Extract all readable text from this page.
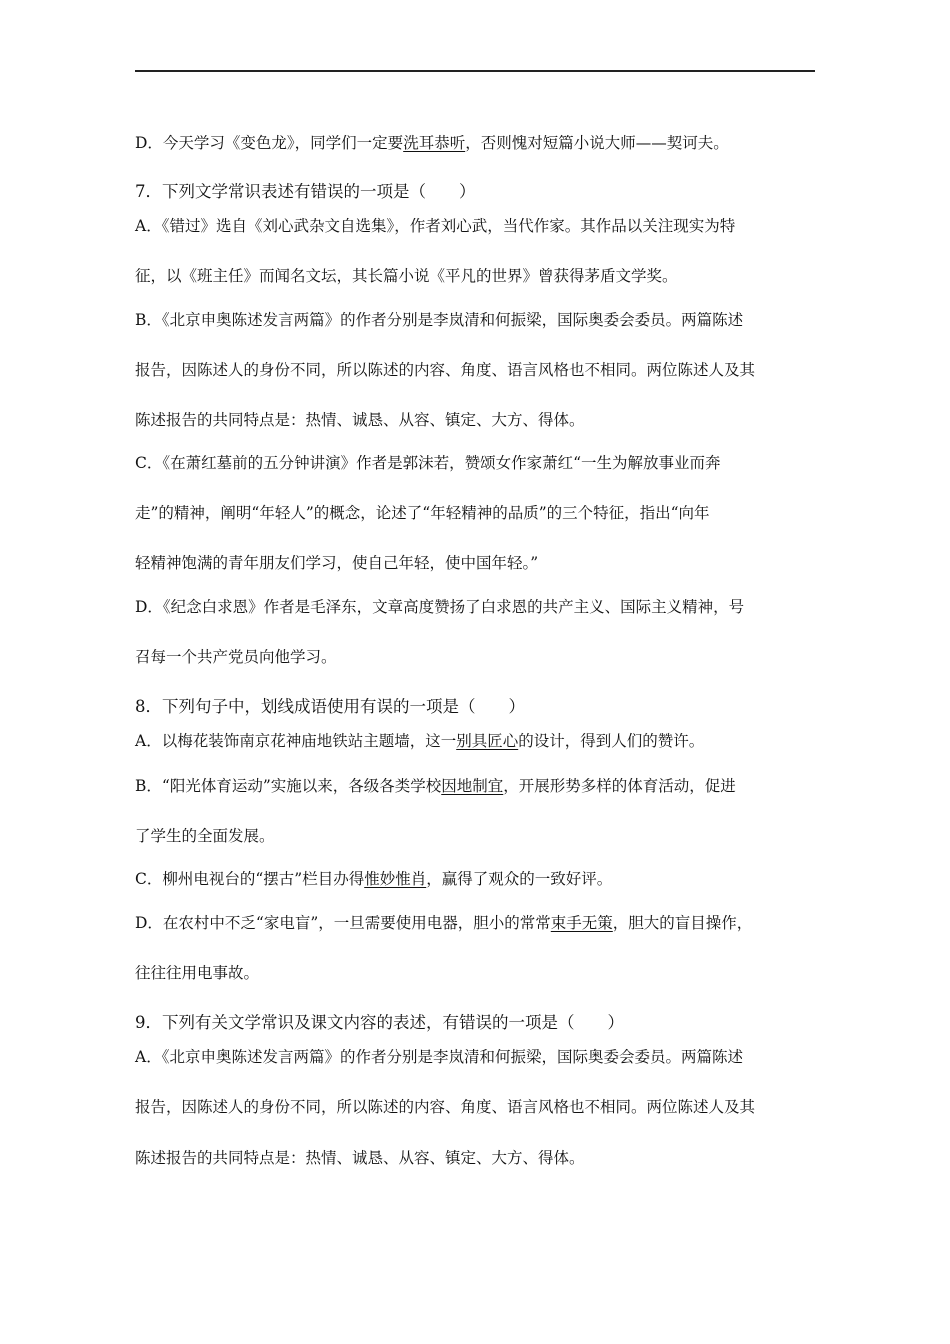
D．今天学习《变色龙》，同学们一定要洗耳恭听，否则愧对短篇小说大师——契诃夫。
7．下列文学常识表述有错误的一项是（　　）
A．《错过》选自《刘心武杂文自选集》，作者刘心武，当代作家。其作品以关注现实为特
征，以《班主任》而闻名文坛，其长篇小说《平凡的世界》曾获得茅盾文学奖。
B．《北京申奥陈述发言两篇》的作者分别是李岚清和何振梁，国际奥委会委员。两篇陈述
报告，因陈述人的身份不同，所以陈述的内容、角度、语言风格也不相同。两位陈述人及其
陈述报告的共同特点是：热情、诚恳、从容、镇定、大方、得体。
C．《在萧红墓前的五分钟讲演》作者是郭沫若，赞颂女作家萧红“一生为解放事业而奔
走”的精神，阐明“年轻人”的概念，论述了“年轻精神的品质”的三个特征，指出“向年
轻精神饱满的青年朋友们学习，使自己年轻，使中国年轻。”
D．《纪念白求恩》作者是毛泽东，文章高度赞扬了白求恩的共产主义、国际主义精神，号
召每一个共产党员向他学习。
8．下列句子中，划线成语使用有误的一项是（　　）
A．以梅花装饰南京花神庙地铁站主题墙，这一别具匠心的设计，得到人们的赞许。
B．“阳光体育运动”实施以来，各级各类学校因地制宜，开展形势多样的体育活动，促进
了学生的全面发展。
C．柳州电视台的“摆古”栏目办得惟妙惟肖，赢得了观众的一致好评。
D．在农村中不乏“家电盲”，一旦需要使用电器，胆小的常常束手无策，胆大的盲目操作，
往往往用电事故。
9．下列有关文学常识及课文内容的表述，有错误的一项是（　　）
A．《北京申奥陈述发言两篇》的作者分别是李岚清和何振梁，国际奥委会委员。两篇陈述
报告，因陈述人的身份不同，所以陈述的内容、角度、语言风格也不相同。两位陈述人及其
陈述报告的共同特点是：热情、诚恳、从容、镇定、大方、得体。
